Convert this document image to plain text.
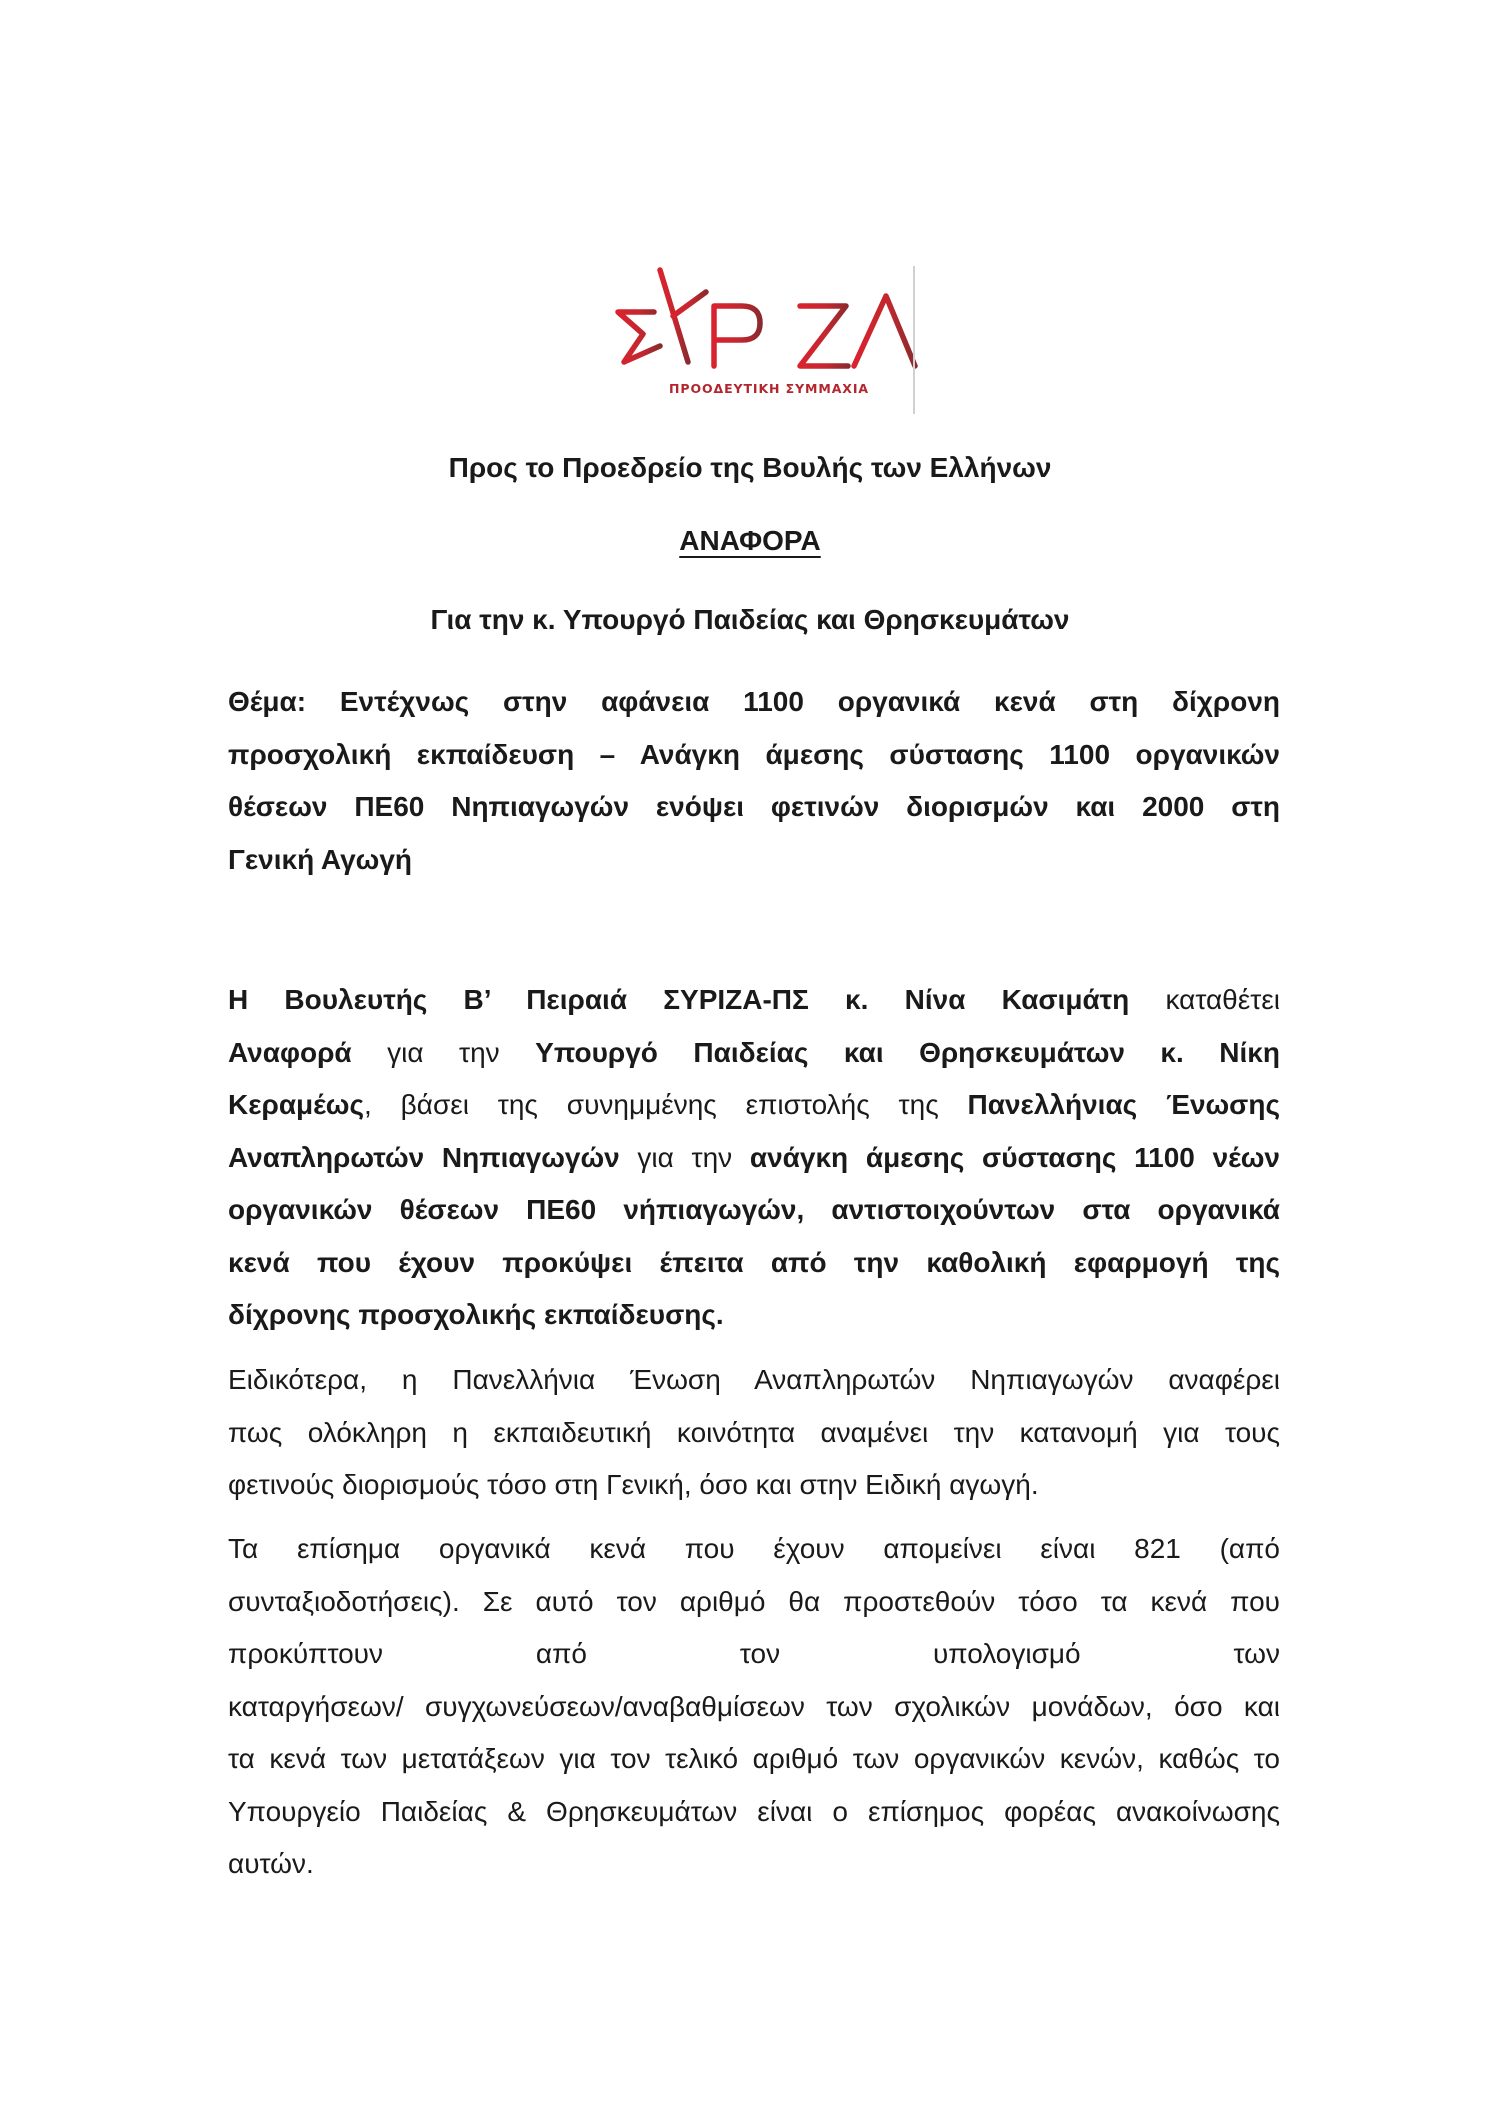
ΠΡΟΟΔΕΥΤΙΚΗ ΣΥΜΜΑΧΙΑ
Προς το Προεδρείο της Βουλής των Ελλήνων
ΑΝΑΦΟΡΑ
Για την κ. Υπουργό Παιδείας και Θρησκευμάτων
Θέμα: Εντέχνως στην αφάνεια 1100 οργανικά κενά στη δίχρονη
προσχολική εκπαίδευση – Ανάγκη άμεσης σύστασης 1100 οργανικών
θέσεων ΠΕ60 Νηπιαγωγών ενόψει φετινών διορισμών και 2000 στη
Γενική Αγωγή
Η Βουλευτής Β’ Πειραιά ΣΥΡΙΖΑ-ΠΣ κ. Νίνα Κασιμάτη καταθέτει
Αναφορά για την Υπουργό Παιδείας και Θρησκευμάτων κ. Νίκη
Κεραμέως, βάσει της συνημμένης επιστολής της Πανελλήνιας Ένωσης
Αναπληρωτών Νηπιαγωγών για την ανάγκη άμεσης σύστασης 1100 νέων
οργανικών θέσεων ΠΕ60 νήπιαγωγών, αντιστοιχούντων στα οργανικά
κενά που έχουν προκύψει έπειτα από την καθολική εφαρμογή της
δίχρονης προσχολικής εκπαίδευσης.
Ειδικότερα, η Πανελλήνια Ένωση Αναπληρωτών Νηπιαγωγών αναφέρει
πως ολόκληρη η εκπαιδευτική κοινότητα αναμένει την κατανομή για τους
φετινούς διορισμούς τόσο στη Γενική, όσο και στην Ειδική αγωγή.
Τα επίσημα οργανικά κενά που έχουν απομείνει είναι 821 (από
συνταξιοδοτήσεις). Σε αυτό τον αριθμό θα προστεθούν τόσο τα κενά που
προκύπτουν από τον υπολογισμό των
καταργήσεων/ συγχωνεύσεων/αναβαθμίσεων των σχολικών μονάδων, όσο και
τα κενά των μετατάξεων για τον τελικό αριθμό των οργανικών κενών, καθώς το
Υπουργείο Παιδείας & Θρησκευμάτων είναι ο επίσημος φορέας ανακοίνωσης
αυτών.
